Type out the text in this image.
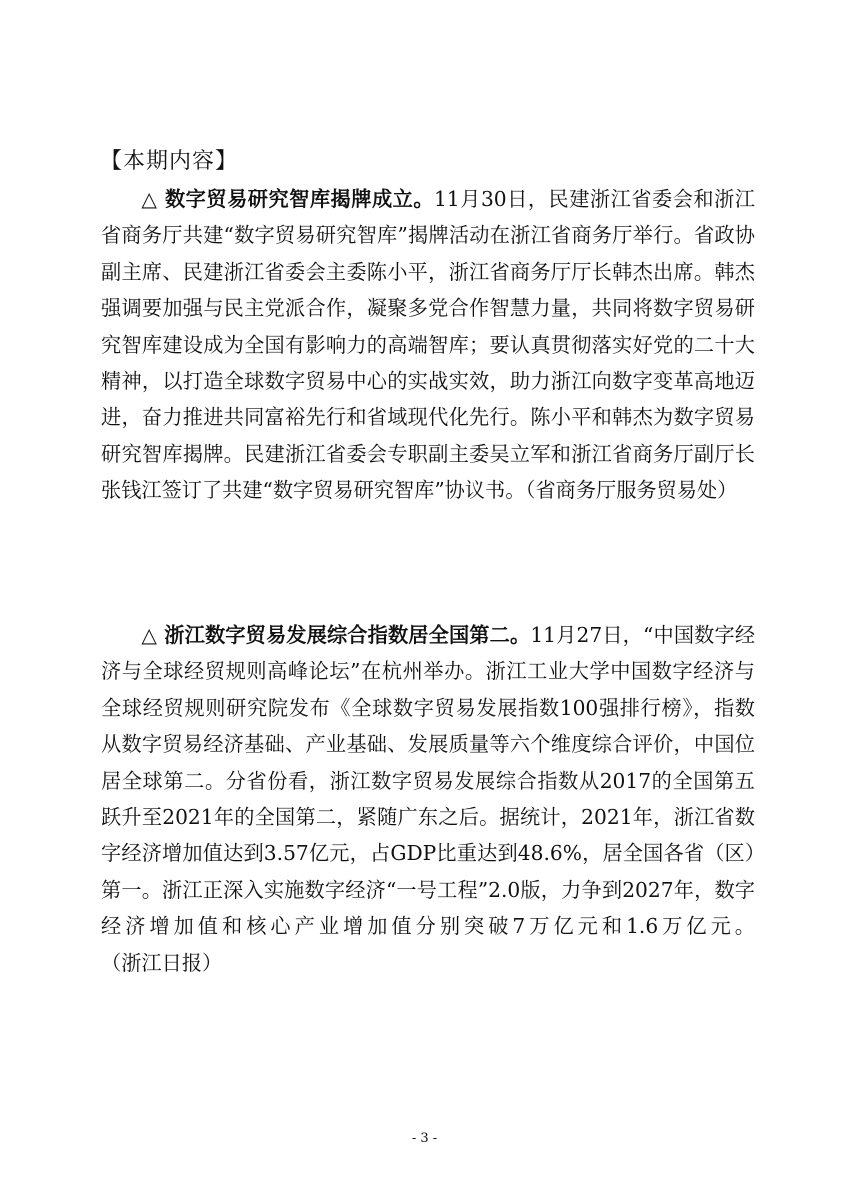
【本期内容】

△ 数字贸易研究智库揭牌成立。11月30日，民建浙江省委会和浙江省商务厅共建“数字贸易研究智库”揭牌活动在浙江省商务厅举行。省政协副主席、民建浙江省委会主委陈小平，浙江省商务厅厅长韩杰出席。韩杰强调要加强与民主党派合作，凝聚多党合作智慧力量，共同将数字贸易研究智库建设成为全国有影响力的高端智库；要认真贯彻落实好党的二十大精神，以打造全球数字贸易中心的实战实效，助力浙江向数字变革高地迈进，奋力推进共同富裕先行和省域现代化先行。陈小平和韩杰为数字贸易研究智库揭牌。民建浙江省委会专职副主委吴立军和浙江省商务厅副厅长张钱江签订了共建“数字贸易研究智库”协议书。（省商务厅服务贸易处）

△ 浙江数字贸易发展综合指数居全国第二。11月27日，“中国数字经济与全球经贸规则高峰论坛”在杭州举办。浙江工业大学中国数字经济与全球经贸规则研究院发布《全球数字贸易发展指数100强排行榜》，指数从数字贸易经济基础、产业基础、发展质量等六个维度综合评价，中国位居全球第二。分省份看，浙江数字贸易发展综合指数从2017的全国第五跃升至2021年的全国第二，紧随广东之后。据统计，2021年，浙江省数字经济增加值达到3.57亿元，占GDP比重达到48.6%，居全国各省（区）第一。浙江正深入实施数字经济“一号工程”2.0版，力争到2027年，数字经济增加值和核心产业增加值分别突破7万亿元和1.6万亿元。（浙江日报）

- 3 -
